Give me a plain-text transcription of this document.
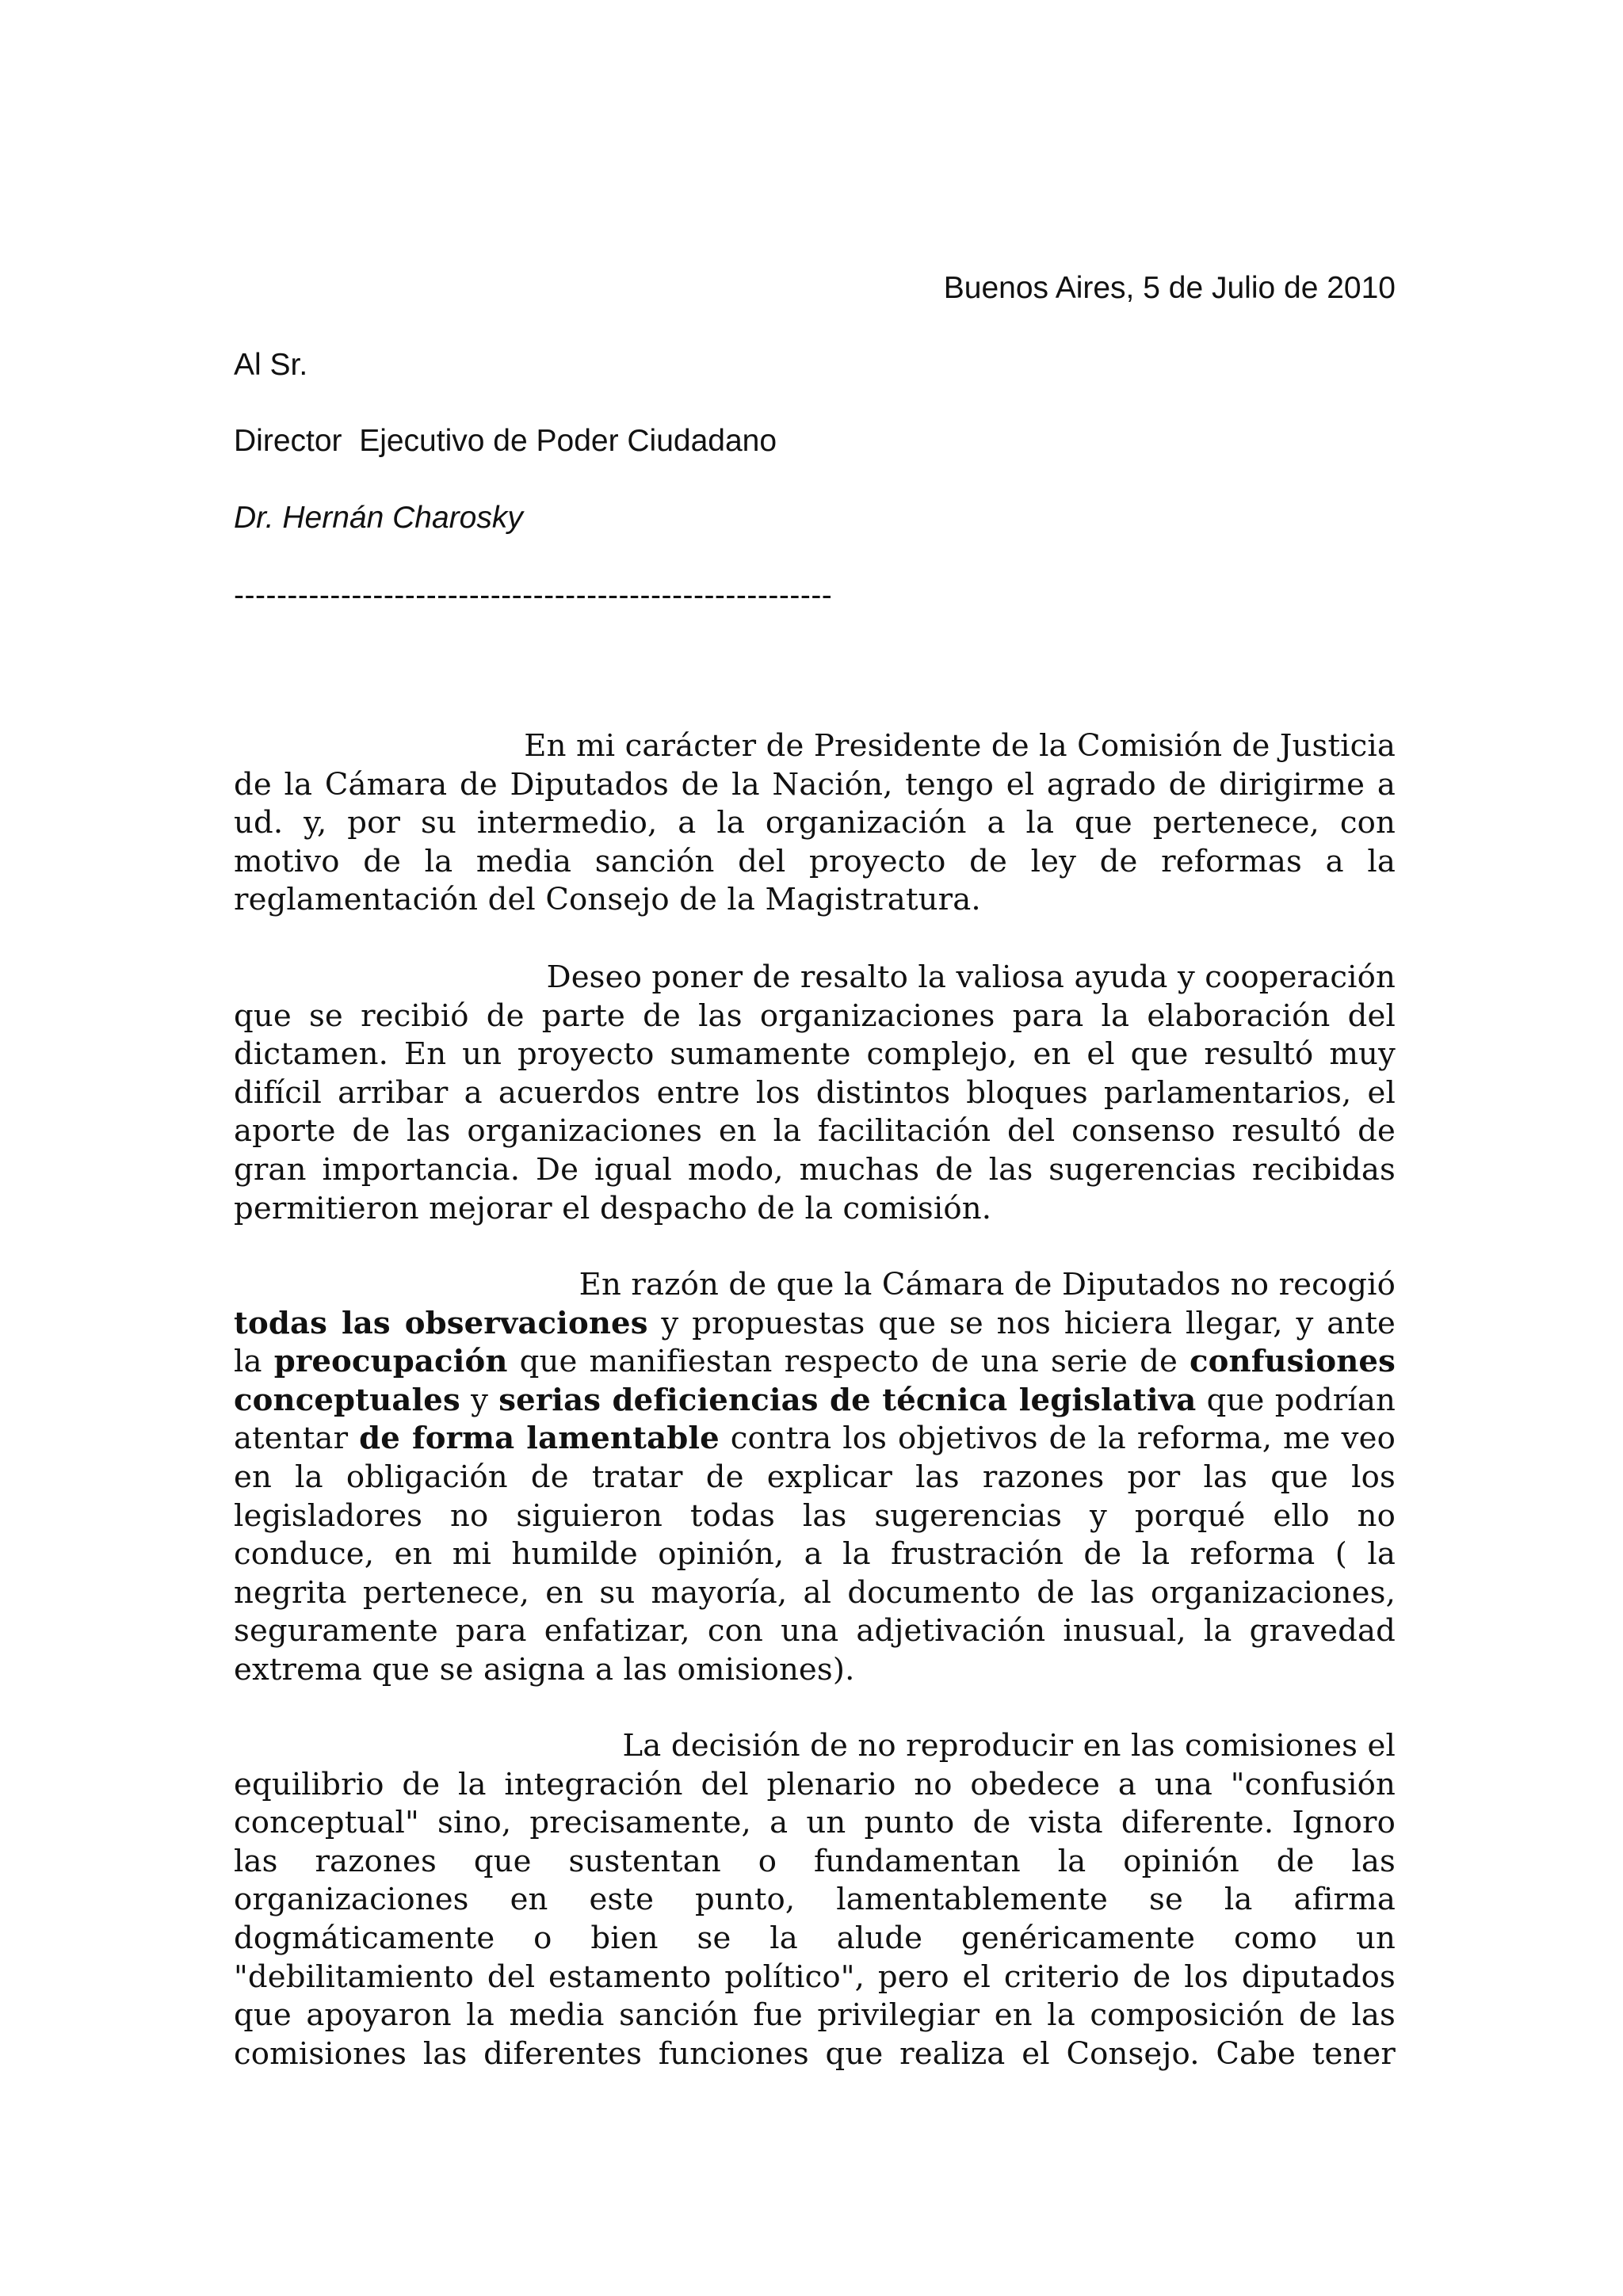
Buenos Aires, 5 de Julio de 2010
Al Sr.
Director  Ejecutivo de Poder Ciudadano
Dr. Hernán Charosky
--------------------------------------------------------
En mi carácter de Presidente de la Comisión de Justicia
de la Cámara de Diputados de la Nación, tengo el agrado de dirigirme a
ud. y, por su intermedio, a la organización a la que pertenece, con
motivo de la media sanción del proyecto de ley de reformas a la
reglamentación del Consejo de la Magistratura.
Deseo poner de resalto la valiosa ayuda y cooperación
que se recibió de parte de las organizaciones para la elaboración del
dictamen. En un proyecto sumamente complejo, en el que resultó muy
difícil arribar a acuerdos entre los distintos bloques parlamentarios, el
aporte de las organizaciones en la facilitación del consenso resultó de
gran importancia. De igual modo, muchas de las sugerencias recibidas
permitieron mejorar el despacho de la comisión.
En razón de que la Cámara de Diputados no recogió
todas las observaciones y propuestas que se nos hiciera llegar, y ante
la preocupación que manifiestan respecto de una serie de confusiones
conceptuales y serias deficiencias de técnica legislativa que podrían
atentar de forma lamentable contra los objetivos de la reforma, me veo
en la obligación de tratar de explicar las razones por las que los
legisladores no siguieron todas las sugerencias y porqué ello no
conduce, en mi humilde opinión, a la frustración de la reforma ( la
negrita pertenece, en su mayoría, al documento de las organizaciones,
seguramente para enfatizar, con una adjetivación inusual, la gravedad
extrema que se asigna a las omisiones).
La decisión de no reproducir en las comisiones el
equilibrio de la integración del plenario no obedece a una "confusión
conceptual" sino, precisamente, a un punto de vista diferente. Ignoro
las razones que sustentan o fundamentan la opinión de las
organizaciones en este punto, lamentablemente se la afirma
dogmáticamente o bien se la alude genéricamente como un
"debilitamiento del estamento político", pero el criterio de los diputados
que apoyaron la media sanción fue privilegiar en la composición de las
comisiones las diferentes funciones que realiza el Consejo. Cabe tener
